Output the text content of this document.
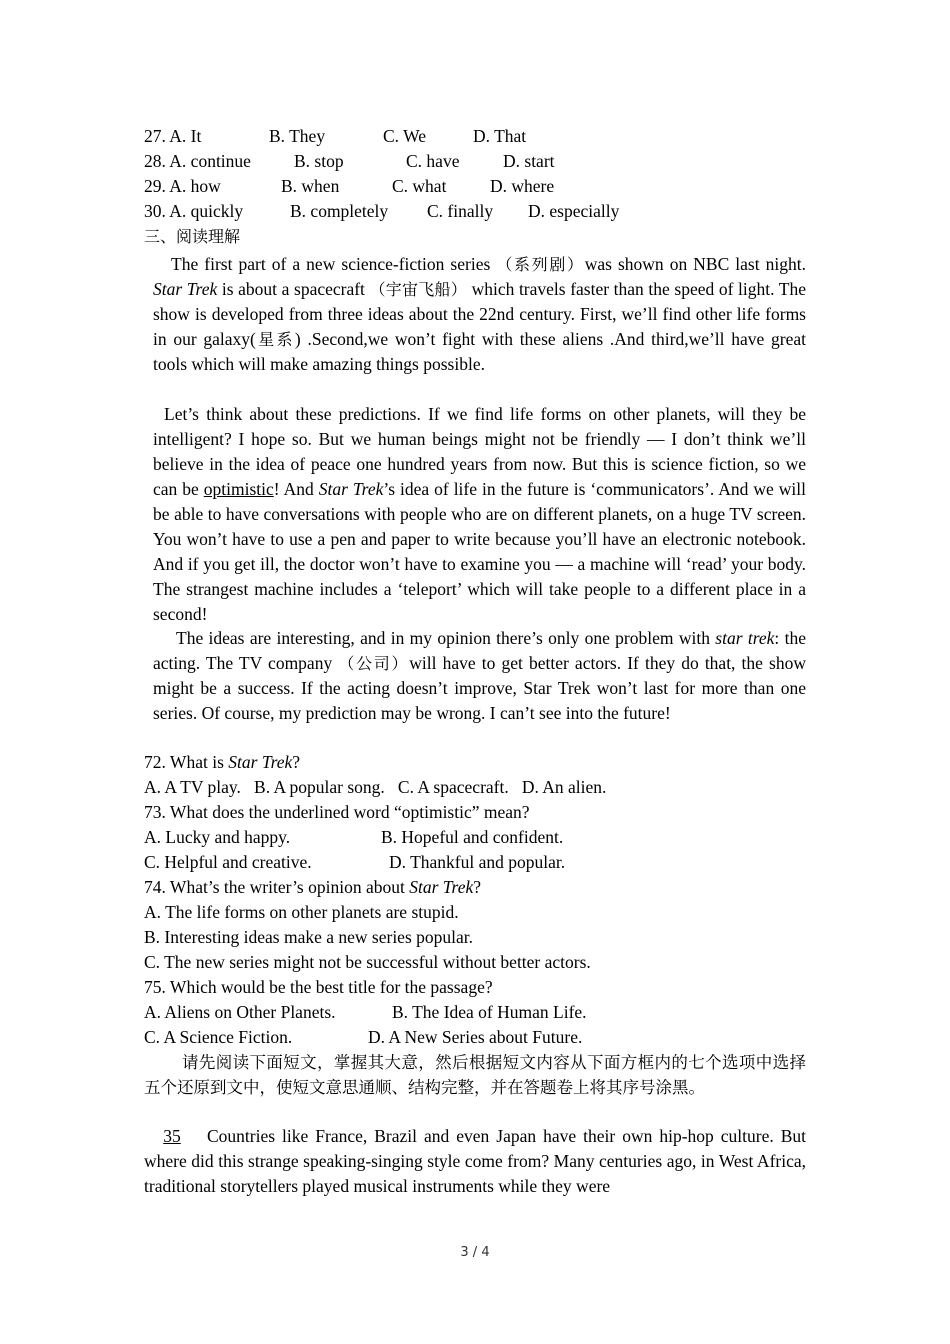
27. A. It	B. They	C. We	D. That
28. A. continue B. stop	C. have D. start
29. A. how	B. when	C. what D. where
30. A. quickly	B. completely C. finally D. especially
三、阅读理解

The first part of a new science-fiction series （系列剧）was shown on NBC last night. Star Trek is about a spacecraft （宇宙飞船） which travels faster than the speed of light. The show is developed from three ideas about the 22nd century. First, we’ll find other life forms in our galaxy(星系) .Second,we won’t fight with these aliens .And third,we’ll have great tools which will make amazing things possible.

Let’s think about these predictions. If we find life forms on other planets, will they be intelligent? I hope so. But we human beings might not be friendly — I don’t think we’ll believe in the idea of peace one hundred years from now. But this is science fiction, so we can be optimistic! And Star Trek’s idea of life in the future is ‘communicators’. And we will be able to have conversations with people who are on different planets, on a huge TV screen. You won’t have to use a pen and paper to write because you’ll have an electronic notebook. And if you get ill, the doctor won’t have to examine you — a machine will ‘read’ your body. The strangest machine includes a ‘teleport’ which will take people to a different place in a second!

The ideas are interesting, and in my opinion there’s only one problem with star trek: the acting. The TV company （公司）will have to get better actors. If they do that, the show might be a success. If the acting doesn’t improve, Star Trek won’t last for more than one series. Of course, my prediction may be wrong. I can’t see into the future!

72. What is Star Trek?
A. A TV play.   B. A popular song.   C. A spacecraft.   D. An alien.
73. What does the underlined word “optimistic” mean?
A. Lucky and happy.	B. Hopeful and confident.
C. Helpful and creative.	D. Thankful and popular.
74. What’s the writer’s opinion about Star Trek?
A. The life forms on other planets are stupid.
B. Interesting ideas make a new series popular.
C. The new series might not be successful without better actors.
75. Which would be the best title for the passage?
A. Aliens on Other Planets.	B. The Idea of Human Life.
C. A Science Fiction.	D. A New Series about Future.

请先阅读下面短文，掌握其大意，然后根据短文内容从下面方框内的七个选项中选择五个还原到文中，使短文意思通顺、结构完整，并在答题卷上将其序号涂黑。

35 Countries like France, Brazil and even Japan have their own hip-hop culture. But where did this strange speaking-singing style come from? Many centuries ago, in West Africa, traditional storytellers played musical instruments while they were

3 / 4
